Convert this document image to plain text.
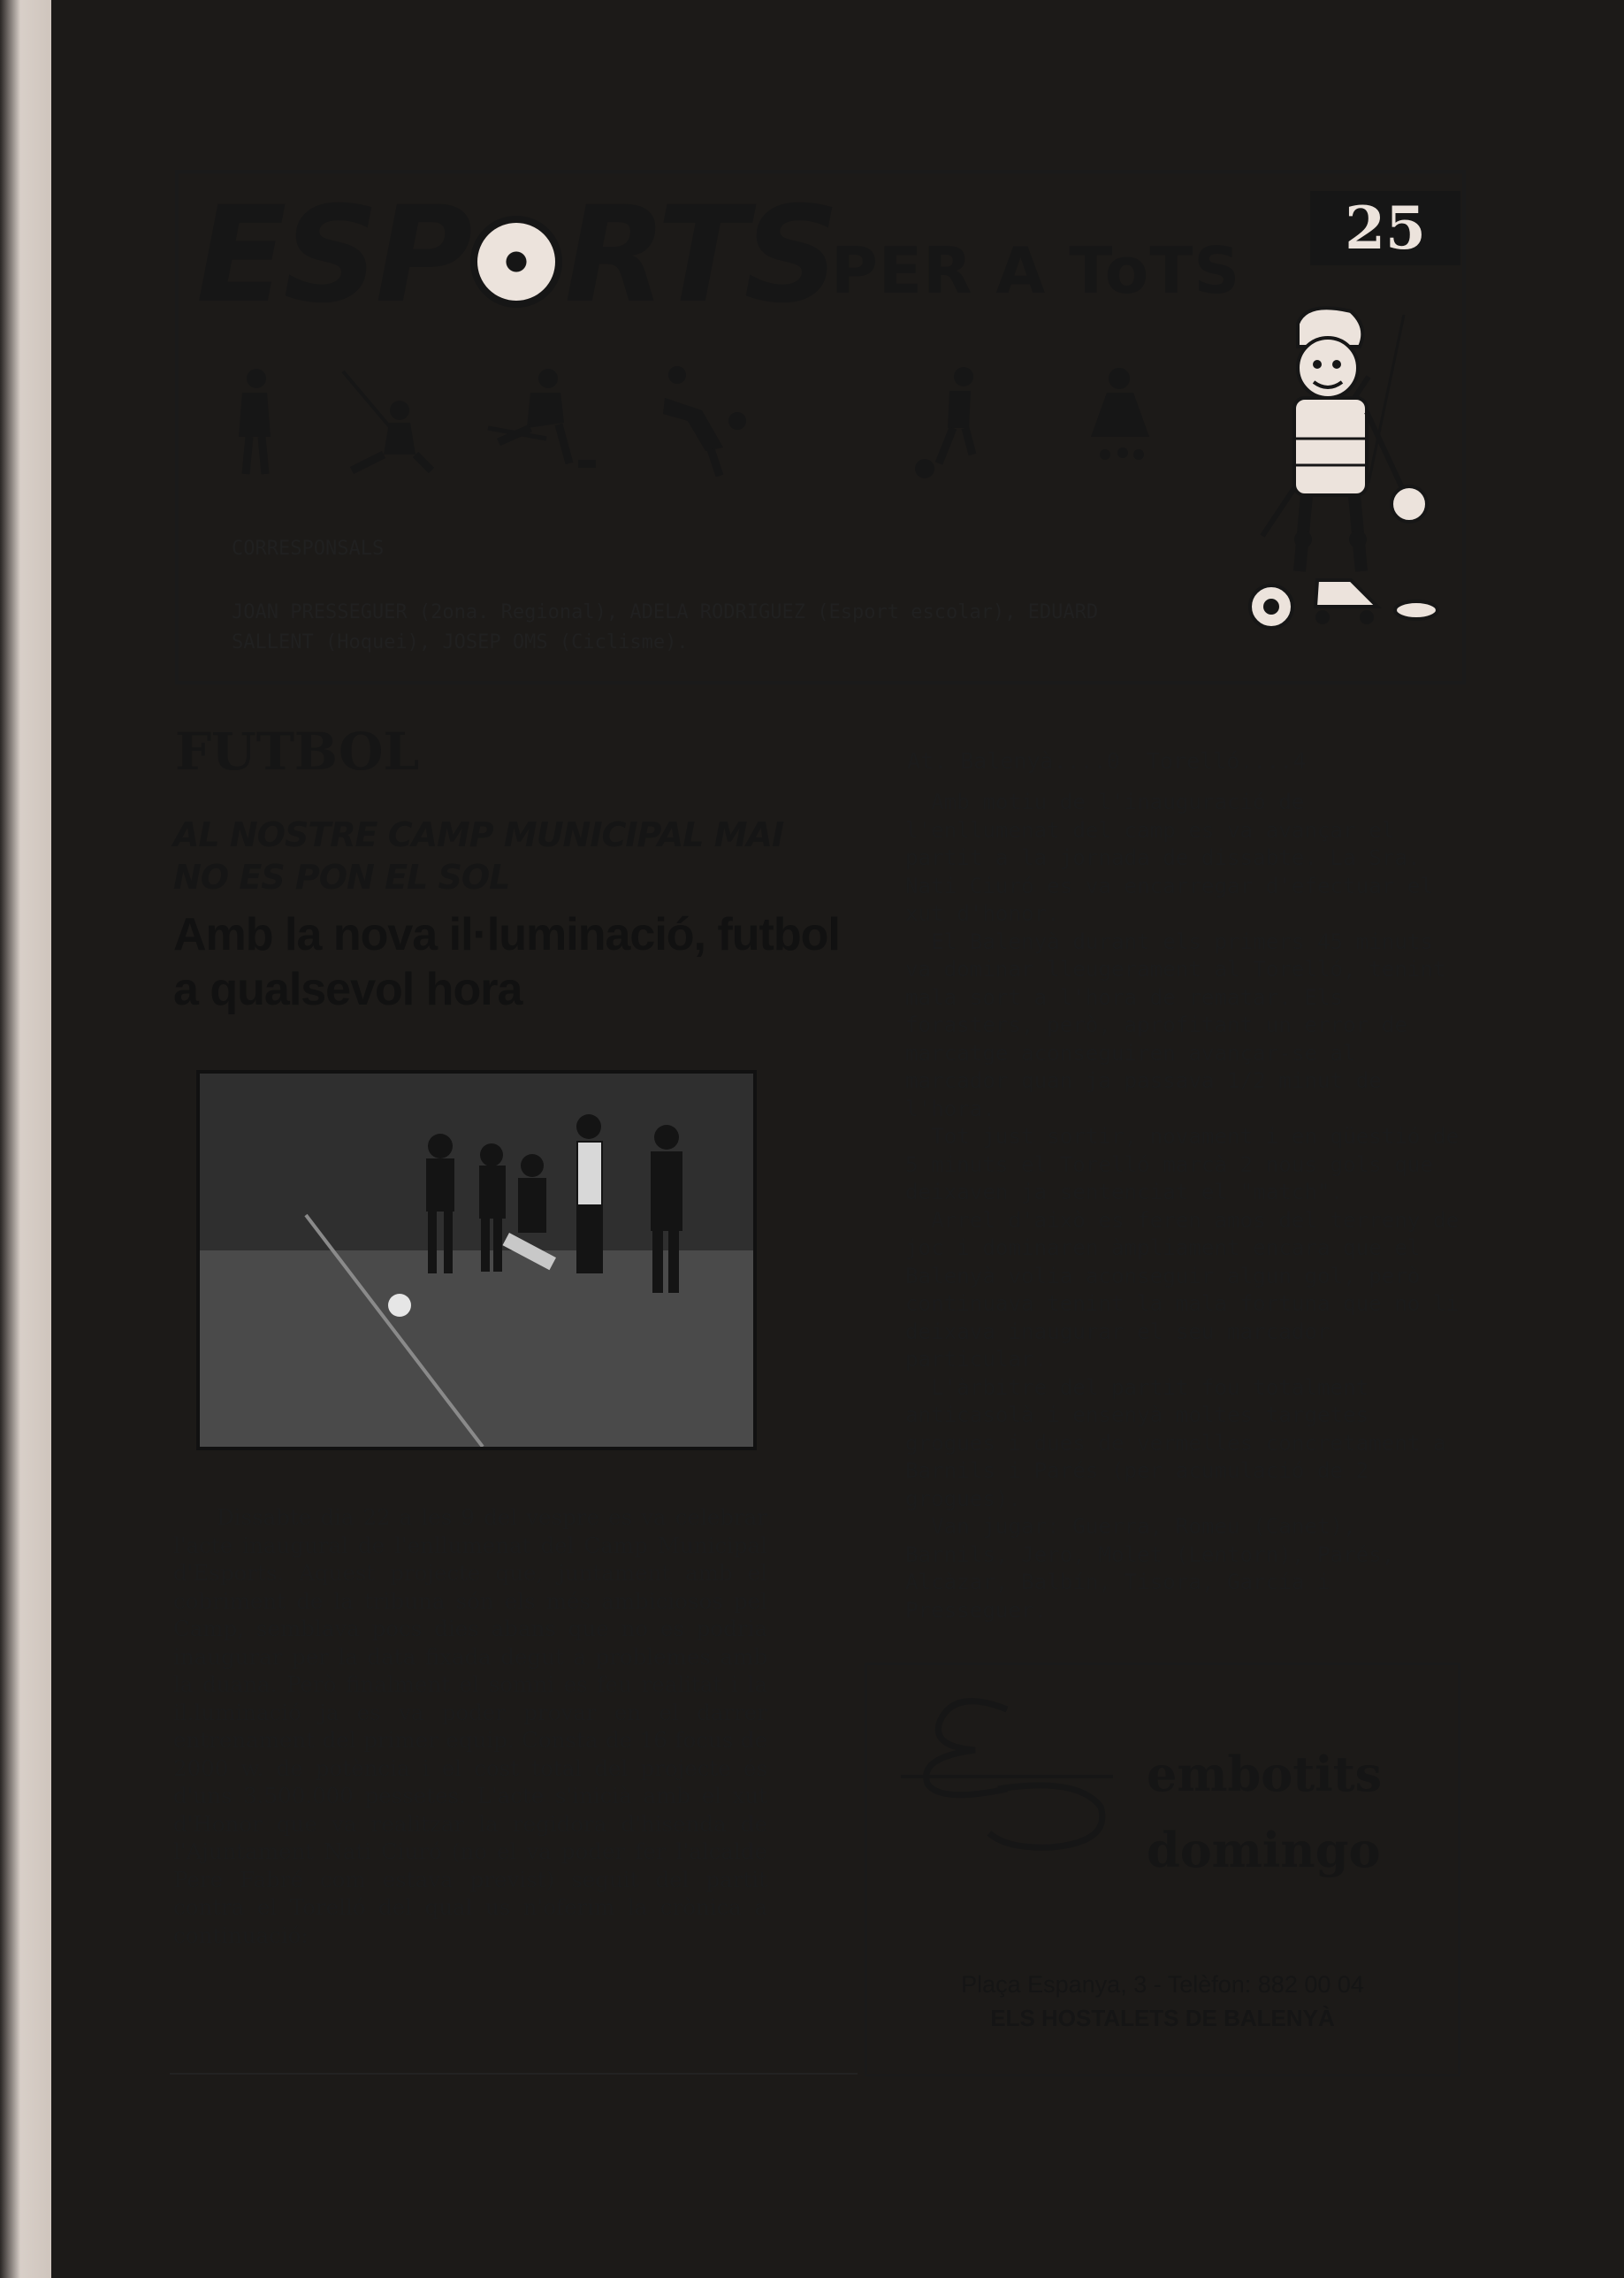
ESP RTS
PER A ToTS
25
CORRESPONSALS
JOAN PRESSEGUER (2ona. Regional), ADELA RODRIGUEZ (Esport escolar), EDUARD SALLENT (Hoquei), JOSEP OMS (Ciclisme).
FUTBOL
AL NOSTRE CAMP MUNICIPAL MAI NO ES PON EL SOL
Amb la nova il·luminació, futbol a qualsevol hora

Dissabte dia 22 a les 9 del vespre es va celebrar l'acte inaugural de l'enllumenat del Camp Municipal d'Esports. Aquest projecte que, juntament amb el cobriment de la tribuna són els més ambiciosos pel Camp, semblava pocs dies abans que no es podria inaugurar per la data fixada degut a problemes amb la duana. Però finalment el somni es feu realitat i la il.luminació ja es va poder provar en el darrer entrenament del primer equip. Consta de 16 focus de 2000 w. de potència i el cost total del projecte és d'uns 3.500.000 pessetes. L'acte s'inicià amb el xut d'Honor que va realitzar la regidora d'hisenda de l'Ajuntament Nati Ciuró (no el va poder fer l'alcalde Pere Fabré com estava previst) seguit del partit contra el Torelló del qual us n'oferim la crònica a continuació:

At. Balenyà....0  Torelló....4

Amb motiu de l'inauguració de l'enllumenat del camp es va avançar el partit a la jornada de dissabte. La Sra. Nati Ciuró es va encarregar d'efectuar el xut d'honor.

El Balenyà durant els primers 45 minuts va dominar lleugerament al Torelló, tenint mala sort a l'hora de rematar. Els forasters, però, aprofitant un error de marcatge aconseguiren avançar-se al marcador quan ja passava 1/2 minut de l'hora.

Tot just sortir, novament i en qüestió de 5 minuts el Torelló marcà 2 nous gols que deixaven ja sentenciat el "match".

Arrel d'això es feren amos del terreny de joc i dominaren àmpliament encara que el Balenyà volia aconseguir algun gol, però continuava tenint la mala fortuna que no li deixava inaugurar el seu marcador particular.

L'àrbitre del partit fou totalment anticasolà i ensenyà moltes targetes grogues i dues de vermelles concretament a Barnils i Parés (per acumulació de 2 grogues).

Van jugar: Guerra, Romeu (Canet), Barnils, Jero, Molet (Lentorn), Parés, Alcàzar, Balbín, Tisora, García i Presseguer.

embotits
domingo
Plaça Espanya, 3 - Telèfon: 882 00 04
ELS HOSTALETS DE BALENYÀ
